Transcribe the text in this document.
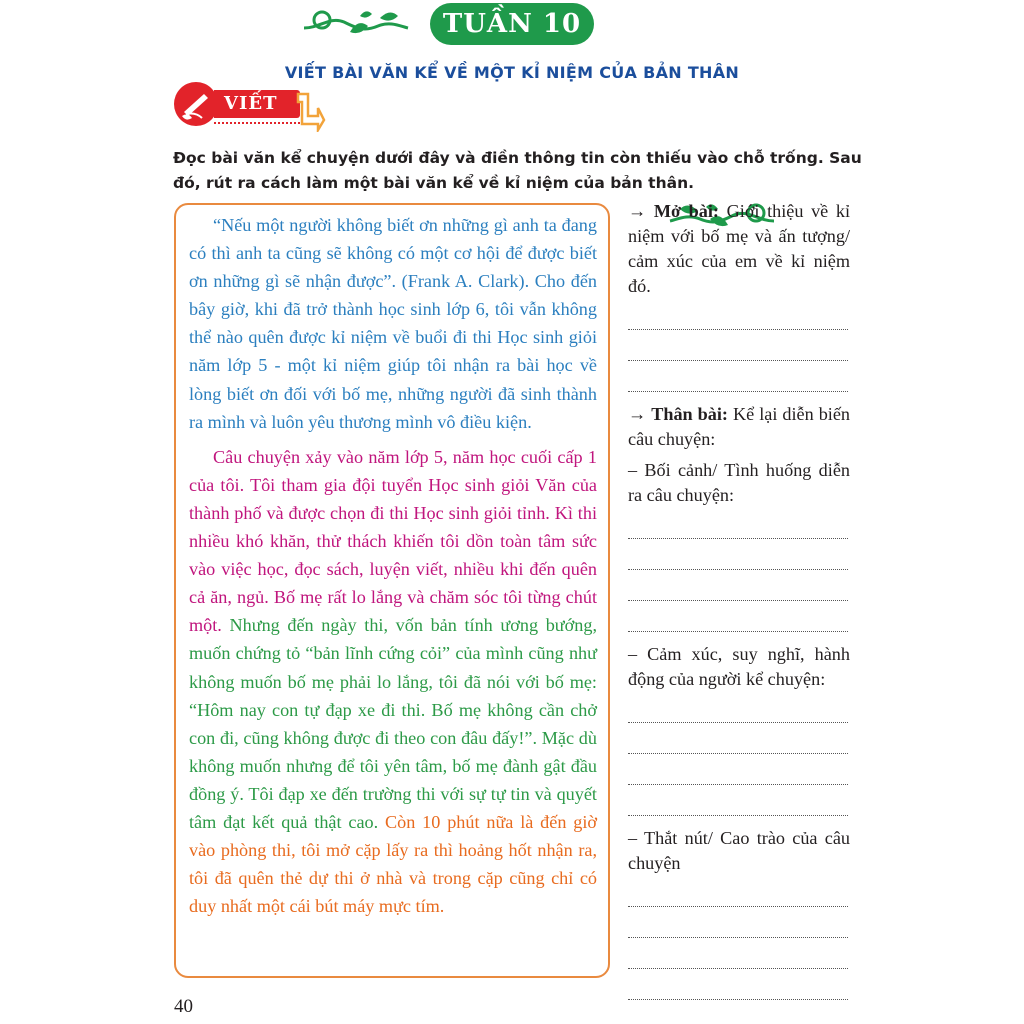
TUẦN 10
VIẾT BÀI VĂN KỂ VỀ MỘT KỈ NIỆM CỦA BẢN THÂN
VIẾT
Đọc bài văn kể chuyện dưới đây và điền thông tin còn thiếu vào chỗ trống. Sau đó, rút ra cách làm một bài văn kể về kỉ niệm của bản thân.

“Nếu một người không biết ơn những gì anh ta đang có thì anh ta cũng sẽ không có một cơ hội để được biết ơn những gì sẽ nhận được”. (Frank A. Clark). Cho đến bây giờ, khi đã trở thành học sinh lớp 6, tôi vẫn không thể nào quên được kỉ niệm về buổi đi thi Học sinh giỏi năm lớp 5 - một kỉ niệm giúp tôi nhận ra bài học về lòng biết ơn đối với bố mẹ, những người đã sinh thành ra mình và luôn yêu thương mình vô điều kiện.

Câu chuyện xảy vào năm lớp 5, năm học cuối cấp 1 của tôi. Tôi tham gia đội tuyển Học sinh giỏi Văn của thành phố và được chọn đi thi Học sinh giỏi tỉnh. Kì thi nhiều khó khăn, thử thách khiến tôi dồn toàn tâm sức vào việc học, đọc sách, luyện viết, nhiều khi đến quên cả ăn, ngủ. Bố mẹ rất lo lắng và chăm sóc tôi từng chút một. Nhưng đến ngày thi, vốn bản tính ương bướng, muốn chứng tỏ “bản lĩnh cứng cỏi” của mình cũng như không muốn bố mẹ phải lo lắng, tôi đã nói với bố mẹ: “Hôm nay con tự đạp xe đi thi. Bố mẹ không cần chở con đi, cũng không được đi theo con đâu đấy!”. Mặc dù không muốn nhưng để tôi yên tâm, bố mẹ đành gật đầu đồng ý. Tôi đạp xe đến trường thi với sự tự tin và quyết tâm đạt kết quả thật cao. Còn 10 phút nữa là đến giờ vào phòng thi, tôi mở cặp lấy ra thì hoảng hốt nhận ra, tôi đã quên thẻ dự thi ở nhà và trong cặp cũng chỉ có duy nhất một cái bút máy mực tím.

→ Mở bài: Giới thiệu về kỉ niệm với bố mẹ và ấn tượng/ cảm xúc của em về kỉ niệm đó.

→ Thân bài: Kể lại diễn biến câu chuyện:

– Bối cảnh/ Tình huống diễn ra câu chuyện:

– Cảm xúc, suy nghĩ, hành động của người kể chuyện:

– Thắt nút/ Cao trào của câu chuyện

40
